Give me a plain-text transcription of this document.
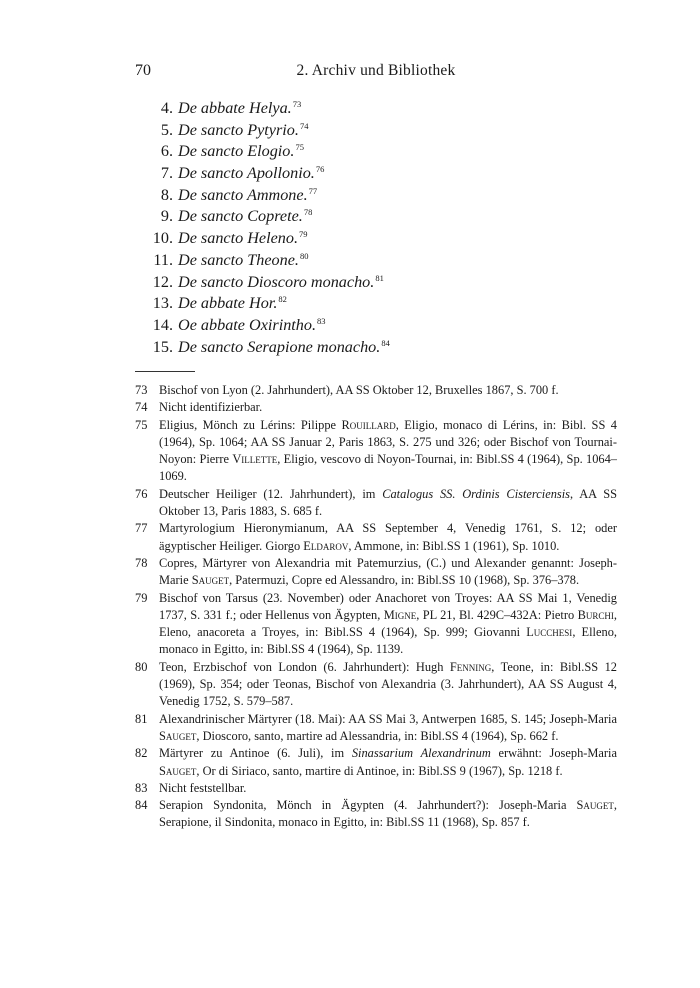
70	2. Archiv und Bibliothek
4. De abbate Helya.$^{73}$
5. De sancto Pytyrio.$^{74}$
6. De sancto Elogio.$^{75}$
7. De sancto Apollonio.$^{76}$
8. De sancto Ammone.$^{77}$
9. De sancto Coprete.$^{78}$
10. De sancto Heleno.$^{79}$
11. De sancto Theone.$^{80}$
12. De sancto Dioscoro monacho.$^{81}$
13. De abbate Hor.$^{82}$
14. Oe abbate Oxirintho.$^{83}$
15. De sancto Serapione monacho.$^{84}$
73 Bischof von Lyon (2. Jahrhundert), AA SS Oktober 12, Bruxelles 1867, S. 700 f.
74 Nicht identifizierbar.
75 Eligius, Mönch zu Lérins: Pilippe Rouillard, Eligio, monaco di Lérins, in: Bibl. SS 4 (1964), Sp. 1064; AA SS Januar 2, Paris 1863, S. 275 und 326; oder Bischof von Tournai-Noyon: Pierre Villette, Eligio, vescovo di Noyon-Tournai, in: Bibl.SS 4 (1964), Sp. 1064–1069.
76 Deutscher Heiliger (12. Jahrhundert), im Catalogus SS. Ordinis Cisterciensis, AA SS Oktober 13, Paris 1883, S. 685 f.
77 Martyrologium Hieronymianum, AA SS September 4, Venedig 1761, S. 12; oder ägyptischer Heiliger. Giorgo Eldarov, Ammone, in: Bibl.SS 1 (1961), Sp. 1010.
78 Copres, Märtyrer von Alexandria mit Patemurzius, (C.) und Alexander genannt: Joseph-Marie Sauget, Patermuzi, Copre ed Alessandro, in: Bibl.SS 10 (1968), Sp. 376–378.
79 Bischof von Tarsus (23. November) oder Anachoret von Troyes: AA SS Mai 1, Venedig 1737, S. 331 f.; oder Hellenus von Ägypten, Migne, PL 21, Bl. 429C–432A: Pietro Burchi, Eleno, anacoreta a Troyes, in: Bibl.SS 4 (1964), Sp. 999; Giovanni Lucchesi, Elleno, monaco in Egitto, in: Bibl.SS 4 (1964), Sp. 1139.
80 Teon, Erzbischof von London (6. Jahrhundert): Hugh Fenning, Teone, in: Bibl.SS 12 (1969), Sp. 354; oder Teonas, Bischof von Alexandria (3. Jahrhundert), AA SS August 4, Venedig 1752, S. 579–587.
81 Alexandrinischer Märtyrer (18. Mai): AA SS Mai 3, Antwerpen 1685, S. 145; Joseph-Maria Sauget, Dioscoro, santo, martire ad Alessandria, in: Bibl.SS 4 (1964), Sp. 662 f.
82 Märtyrer zu Antinoe (6. Juli), im Sinassarium Alexandrinum erwähnt: Joseph-Maria Sauget, Or di Siriaco, santo, martire di Antinoe, in: Bibl.SS 9 (1967), Sp. 1218 f.
83 Nicht feststellbar.
84 Serapion Syndonita, Mönch in Ägypten (4. Jahrhundert?): Joseph-Maria Sauget, Serapione, il Sindonita, monaco in Egitto, in: Bibl.SS 11 (1968), Sp. 857 f.
